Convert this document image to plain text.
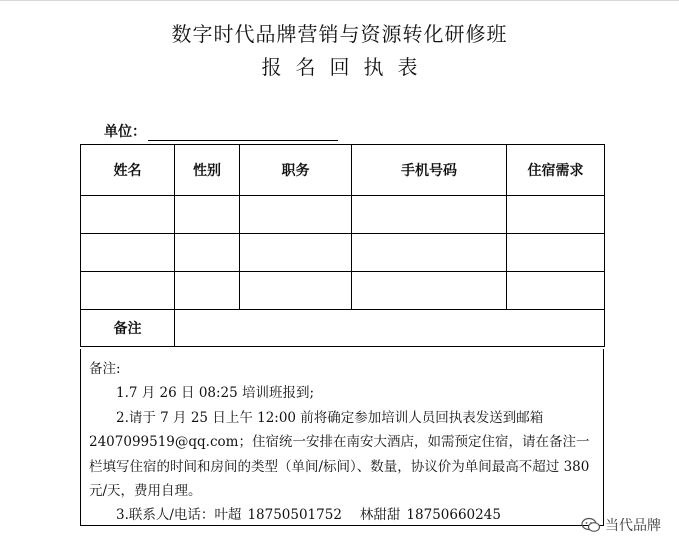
数字时代品牌营销与资源转化研修班
报名回执表
单位：
姓名	性别	职务	手机号码	住宿需求

备注				

备注:

1.7 月 26 日 08:25 培训班报到;

2.请于 7 月 25 日上午 12:00 前将确定参加培训人员回执表发送到邮箱 2407099519@qq.com；住宿统一安排在南安大酒店，如需预定住宿，请在备注一栏填写住宿的时间和房间的类型（单间/标间）、数量，协议价为单间最高不超过 380 元/天，费用自理。

3.联系人/电话：叶超 18750501752 林甜甜 18750660245

当代品牌
